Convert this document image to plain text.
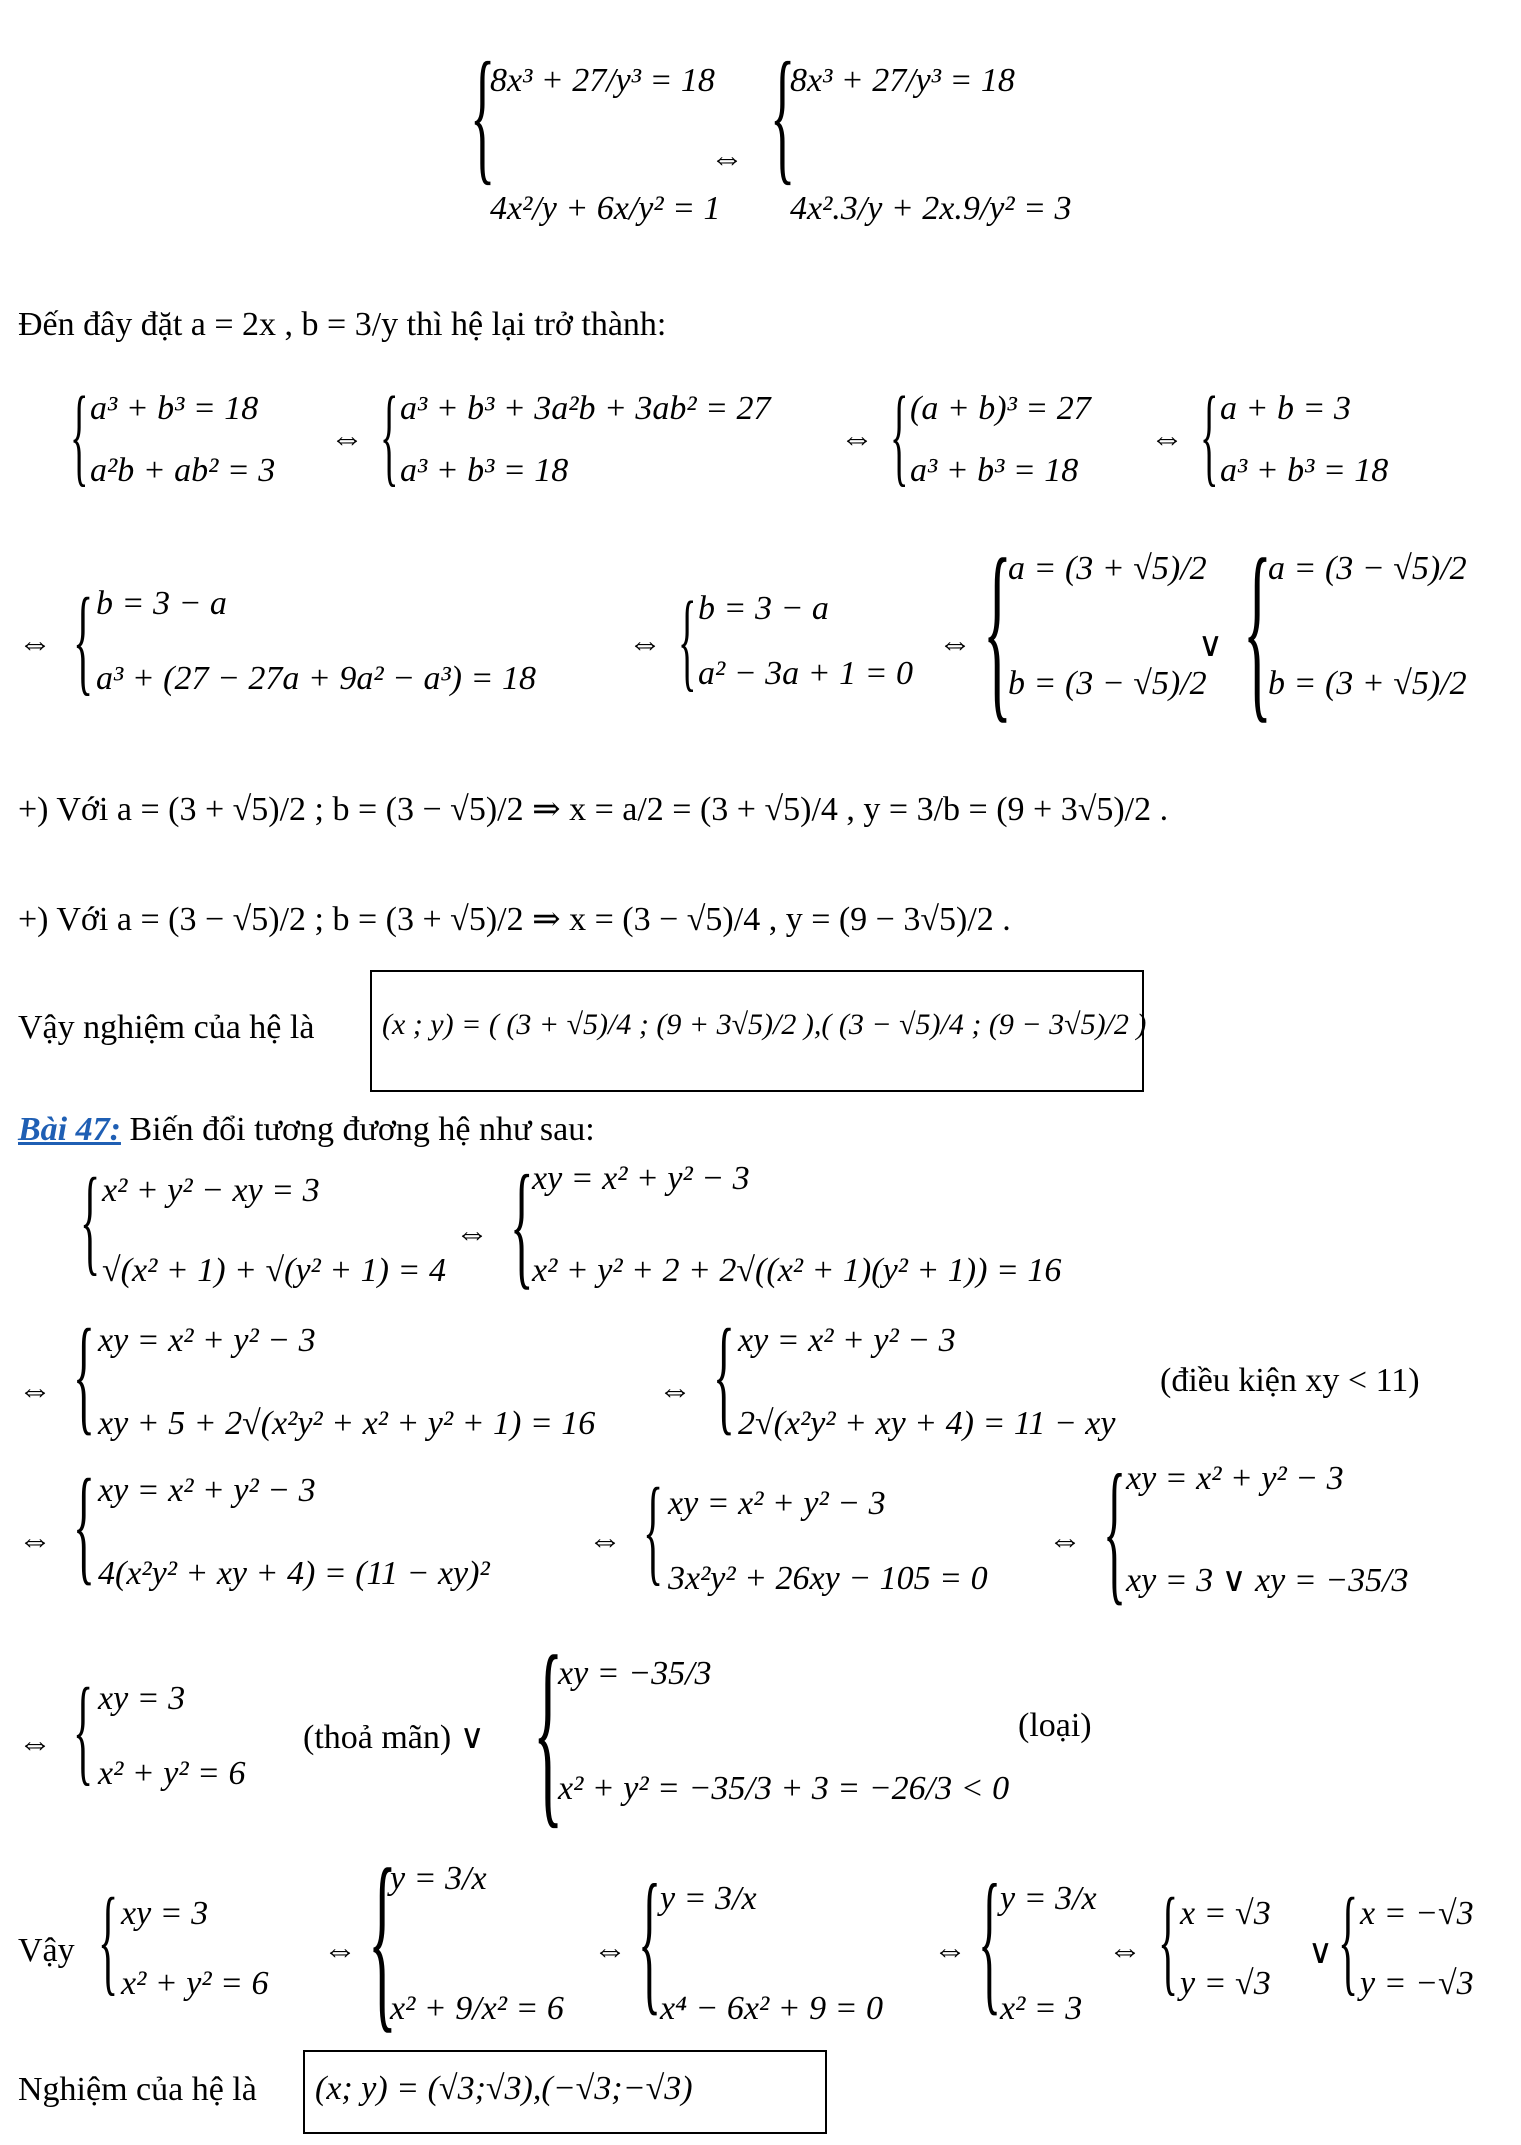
{
8x³ + 27/y³ = 18
4x²/y + 6x/y² = 1
⇔ {
8x³ + 27/y³ = 18
4x².3/y + 2x.9/y² = 3
Đến đây đặt a = 2x , b = 3/y thì hệ lại trở thành:
{ a³ + b³ = 18
a²b + ab² = 3
⇔ { a³ + b³ + 3a²b + 3ab² = 27
a³ + b³ = 18
⇔ { (a + b)³ = 27
a³ + b³ = 18
⇔ { a + b = 3
a³ + b³ = 18
⇔ { b = 3 − a
a³ + (27 − 27a + 9a² − a³) = 18
⇔ { b = 3 − a
a² − 3a + 1 = 0
⇔ {
a = (3 + √5)/2
b = (3 − √5)/2
∨ {
a = (3 − √5)/2
b = (3 + √5)/2
+) Với a = (3 + √5)/2 ; b = (3 − √5)/2 ⇒ x = a/2 = (3 + √5)/4 , y = 3/b = (9 + 3√5)/2 .
+) Với a = (3 − √5)/2 ; b = (3 + √5)/2 ⇒ x = (3 − √5)/4 , y = (9 − 3√5)/2 .
Vậy nghiệm của hệ là (x ; y) = ( (3 + √5)/4 ; (9 + 3√5)/2 ),( (3 − √5)/4 ; (9 − 3√5)/2 )
Bài 47: Biến đổi tương đương hệ như sau:
{ x² + y² − xy = 3
√(x² + 1) + √(y² + 1) = 4
⇔ {
xy = x² + y² − 3
x² + y² + 2 + 2√((x² + 1)(y² + 1)) = 16
⇔ { xy = x² + y² − 3
xy + 5 + 2√(x²y² + x² + y² + 1) = 16
⇔ { xy = x² + y² − 3
2√(x²y² + xy + 4) = 11 − xy
(điều kiện xy < 11)
⇔ { xy = x² + y² − 3
4(x²y² + xy + 4) = (11 − xy)²
⇔ { xy = x² + y² − 3
3x²y² + 26xy − 105 = 0
⇔ { xy = x² + y² − 3
xy = 3 ∨ xy = −35/3
⇔ { xy = 3
x² + y² = 6
(thoả mãn) ∨ {
xy = −35/3
x² + y² = −35/3 + 3 = −26/3 < 0
(loại)
Vậy { xy = 3
x² + y² = 6
⇔ {
y = 3/x
x² + 9/x² = 6
⇔ {
y = 3/x
x⁴ − 6x² + 9 = 0
⇔ {
y = 3/x
x² = 3
⇔ { x = √3
y = √3
∨ { x = −√3
y = −√3
Nghiệm của hệ là (x; y) = (√3;√3),(−√3;−√3)
